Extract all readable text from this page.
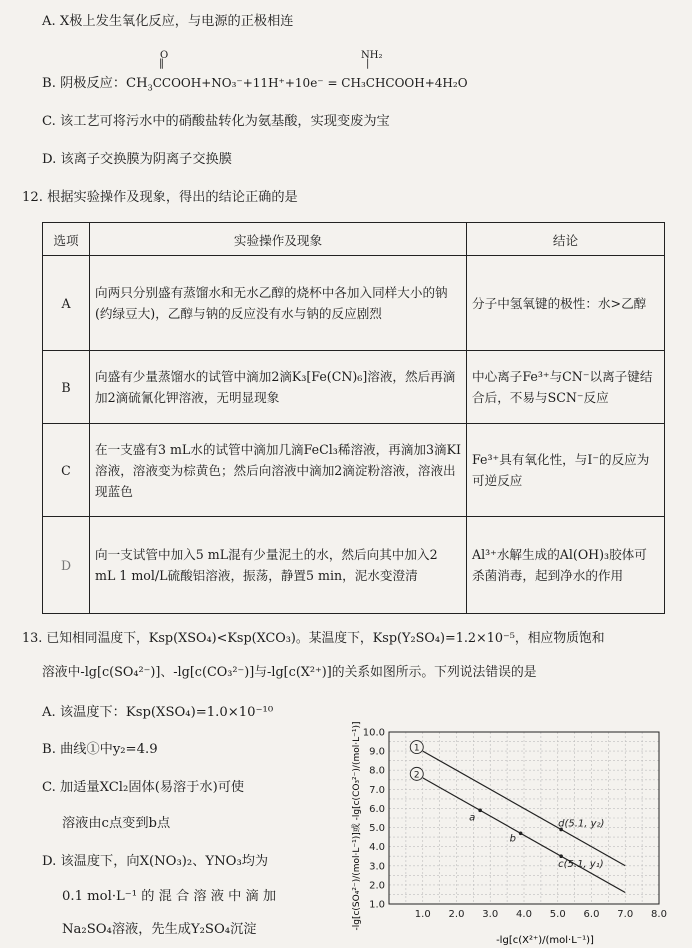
A. X极上发生氧化反应，与电源的正极相连
O
‖
NH₂
|
B. 阴极反应：$CH_3CCOOH+NO_3^-+11H^++10e^-$ = CH₃CHCOOH+4H₂O
C. 该工艺可将污水中的硝酸盐转化为氨基酸，实现变废为宝
D. 该离子交换膜为阴离子交换膜
12. 根据实验操作及现象，得出的结论正确的是
选项	实验操作及现象	结论
A	向两只分别盛有蒸馏水和无水乙醇的烧杯中各加入同样大小的钠(约绿豆大)，乙醇与钠的反应没有水与钠的反应剧烈	分子中氢氧键的极性：水>乙醇
B	向盛有少量蒸馏水的试管中滴加2滴K₃[Fe(CN)₆]溶液，然后再滴加2滴硫氰化钾溶液，无明显现象	中心离子Fe³⁺与CN⁻以离子键结合后，不易与SCN⁻反应
C	在一支盛有3 mL水的试管中滴加几滴FeCl₃稀溶液，再滴加3滴KI溶液，溶液变为棕黄色；然后向溶液中滴加2滴淀粉溶液，溶液出现蓝色	Fe³⁺具有氧化性，与I⁻的反应为可逆反应
D	向一支试管中加入5 mL混有少量泥土的水，然后向其中加入2 mL 1 mol/L硫酸铝溶液，振荡，静置5 min，泥水变澄清	Al³⁺水解生成的Al(OH)₃胶体可杀菌消毒，起到净水的作用
13. 已知相同温度下，Ksp(XSO₄)<Ksp(XCO₃)。某温度下，Ksp(Y₂SO₄)=1.2×10⁻⁵，相应物质饱和
溶液中-lg[c(SO₄²⁻)]、-lg[c(CO₃²⁻)]与-lg[c(X²⁺)]的关系如图所示。下列说法错误的是
A. 该温度下：Ksp(XSO₄)=1.0×10⁻¹⁰
B. 曲线①中y₂=4.9
C. 加适量XCl₂固体(易溶于水)可使
溶液由c点变到b点
D. 该温度下，向X(NO₃)₂、YNO₃均为
0.1 mol·L⁻¹ 的 混 合 溶 液 中 滴 加
Na₂SO₄溶液，先生成Y₂SO₄沉淀
1.0 2.0 3.0 4.0 5.0 6.0 7.0 8.0
1.0
2.0
3.0
4.0
5.0
6.0
7.0
8.0
9.0
10.0
1
2
a
b
d(5.1, y₂)
c(5.1, y₁)
-lg[c(X²⁺)/(mol·L⁻¹)]
-lg[c(SO₄²⁻)/(mol·L⁻¹)]或 -lg[c(CO₃²⁻)/(mol·L⁻¹)]
